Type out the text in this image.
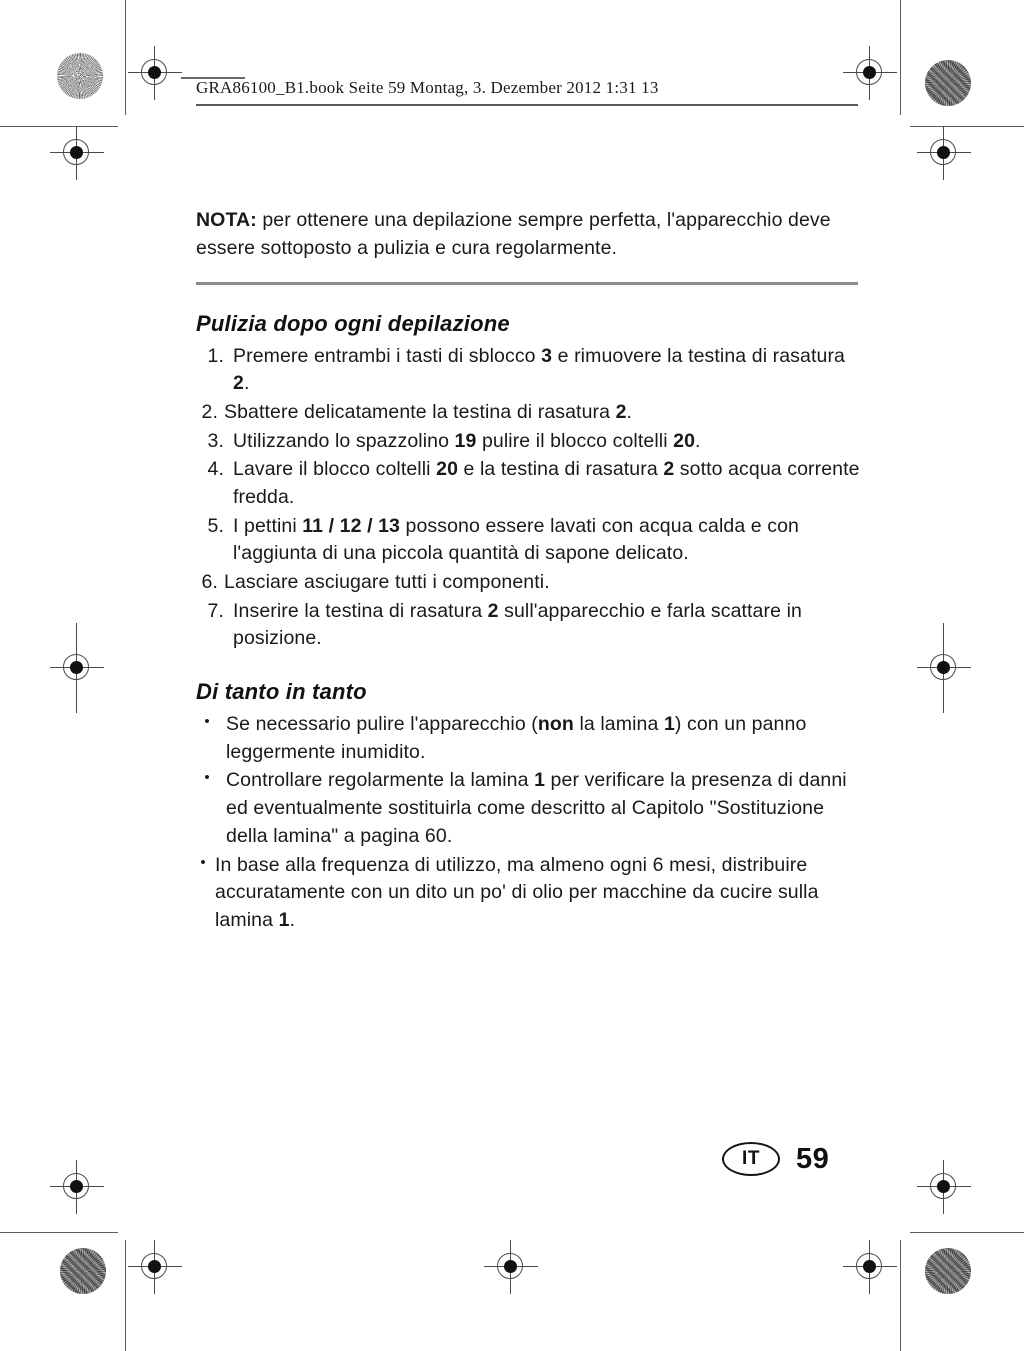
GRA86100_B1.book Seite 59 Montag, 3. Dezember 2012 1:31 13

NOTA: per ottenere una depilazione sempre perfetta, l'apparecchio deve essere sottoposto a pulizia e cura regolarmente.

Pulizia dopo ogni depilazione
1. Premere entrambi i tasti di sblocco 3 e rimuovere la testina di rasatura 2.
2. Sbattere delicatamente la testina di rasatura 2.
3. Utilizzando lo spazzolino 19 pulire il blocco coltelli 20.
4. Lavare il blocco coltelli 20 e la testina di rasatura 2 sotto acqua corrente fredda.
5. I pettini 11 / 12 / 13 possono essere lavati con acqua calda e con l'aggiunta di una piccola quantità di sapone delicato.
6. Lasciare asciugare tutti i componenti.
7. Inserire la testina di rasatura 2 sull'apparecchio e farla scattare in posizione.
Di tanto in tanto
• Se necessario pulire l'apparecchio (non la lamina 1) con un panno leggermente inumidito.
• Controllare regolarmente la lamina 1 per verificare la presenza di danni ed eventualmente sostituirla come descritto al Capitolo "Sostituzione della lamina" a pagina 60.
• In base alla frequenza di utilizzo, ma almeno ogni 6 mesi, distribuire accuratamente con un dito un po' di olio per macchine da cucire sulla lamina 1.
IT	59
